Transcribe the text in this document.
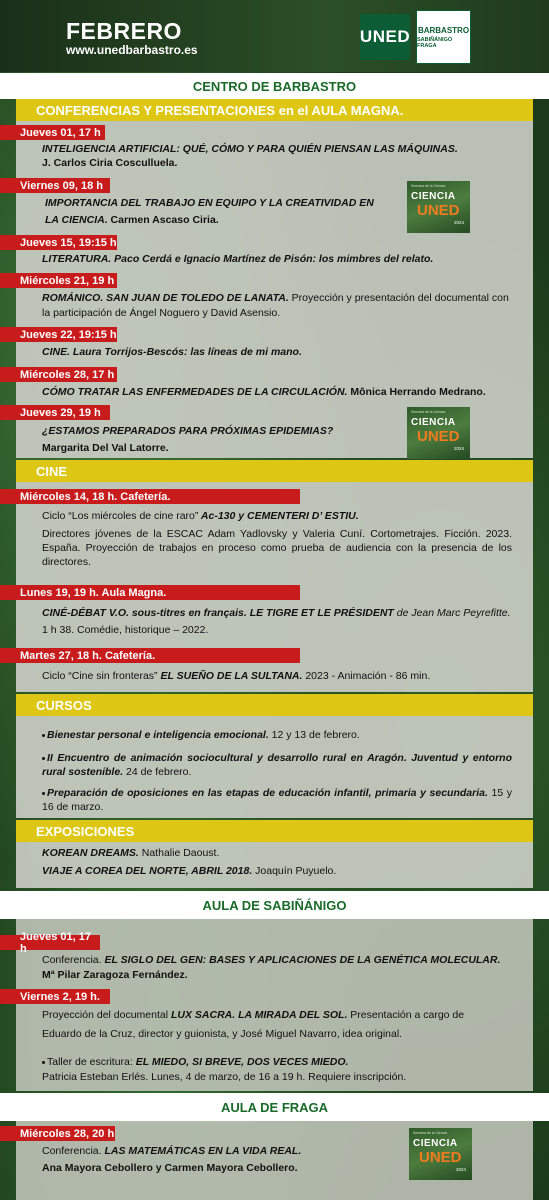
FEBRERO
www.unedbarbastro.es
UNED BARBASTRO
SABIÑÁNIGO FRAGA
CENTRO DE BARBASTRO
CONFERENCIAS Y PRESENTACIONES en el AULA MAGNA.
Jueves 01, 17 h
INTELIGENCIA ARTIFICIAL: QUÉ, CÓMO Y PARA QUIÉN PIENSAN LAS MÁQUINAS.
J. Carlos Ciria Cosculluela.
Viernes 09, 18 h
IMPORTANCIA DEL TRABAJO EN EQUIPO Y LA CREATIVIDAD EN
LA CIENCIA. Carmen Ascaso Ciria.
Semana de la Ciencia
CIENCIA
UNED
2024
Jueves 15, 19:15 h
LITERATURA. Paco Cerdá e Ignacio Martínez de Pisón: los mimbres del relato.
Miércoles 21, 19 h
ROMÁNICO. SAN JUAN DE TOLEDO DE LANATA. Proyección y presentación del documental con
la participación de Ángel Noguero y David Asensio.
Jueves 22, 19:15 h
CINE. Laura Torrijos-Bescós: las líneas de mi mano.
Miércoles 28, 17 h
CÓMO TRATAR LAS ENFERMEDADES DE LA CIRCULACIÓN. Mônica Herrando Medrano.
Jueves 29, 19 h
¿ESTAMOS PREPARADOS PARA PRÓXIMAS EPIDEMIAS?
Margarita Del Val Latorre.
Semana de la Ciencia
CIENCIA
UNED
2024
CINE
Miércoles 14, 18 h. Cafetería.
Ciclo “Los miércoles de cine raro” Ac-130 y CEMENTERI D’ ESTIU.
Directores jóvenes de la ESCAC Adam Yadlovsky y Valeria Cuní. Cortometrajes. Ficción. 2023. España. Proyección de trabajos en proceso como prueba de audiencia con la presencia de los directores.
Lunes 19, 19 h. Aula Magna.
CINÉ-DÉBAT V.O. sous-titres en français. LE TIGRE ET LE PRÉSIDENT de Jean Marc Peyrefitte.
1 h 38. Comédie, historique – 2022.
Martes 27, 18 h. Cafetería.
Ciclo “Cine sin fronteras” EL SUEÑO DE LA SULTANA. 2023 - Animación - 86 min.
CURSOS
Bienestar personal e inteligencia emocional. 12 y 13 de febrero.
II Encuentro de animación sociocultural y desarrollo rural en Aragón. Juventud y entorno rural sostenible. 24 de febrero.
Preparación de oposiciones en las etapas de educación infantil, primaria y secundaria. 15 y 16 de marzo.
EXPOSICIONES
KOREAN DREAMS. Nathalie Daoust.
VIAJE A COREA DEL NORTE, ABRIL 2018. Joaquín Puyuelo.
AULA DE SABIÑÁNIGO
Jueves 01, 17 h
Conferencia. EL SIGLO DEL GEN: BASES Y APLICACIONES DE LA GENÉTICA MOLECULAR.
Mª Pilar Zaragoza Fernández.
Viernes 2, 19 h.
Proyección del documental LUX SACRA. LA MIRADA DEL SOL. Presentación a cargo de
Eduardo de la Cruz, director y guionista, y José Miguel Navarro, idea original.
Taller de escritura: EL MIEDO, SI BREVE, DOS VECES MIEDO.
Patricia Esteban Erlés. Lunes, 4 de marzo, de 16 a 19 h. Requiere inscripción.
AULA DE FRAGA
Miércoles 28, 20 h
Conferencia. LAS MATEMÁTICAS EN LA VIDA REAL.
Ana Mayora Cebollero y Carmen Mayora Cebollero.
Semana de la Ciencia
CIENCIA
UNED
2024
